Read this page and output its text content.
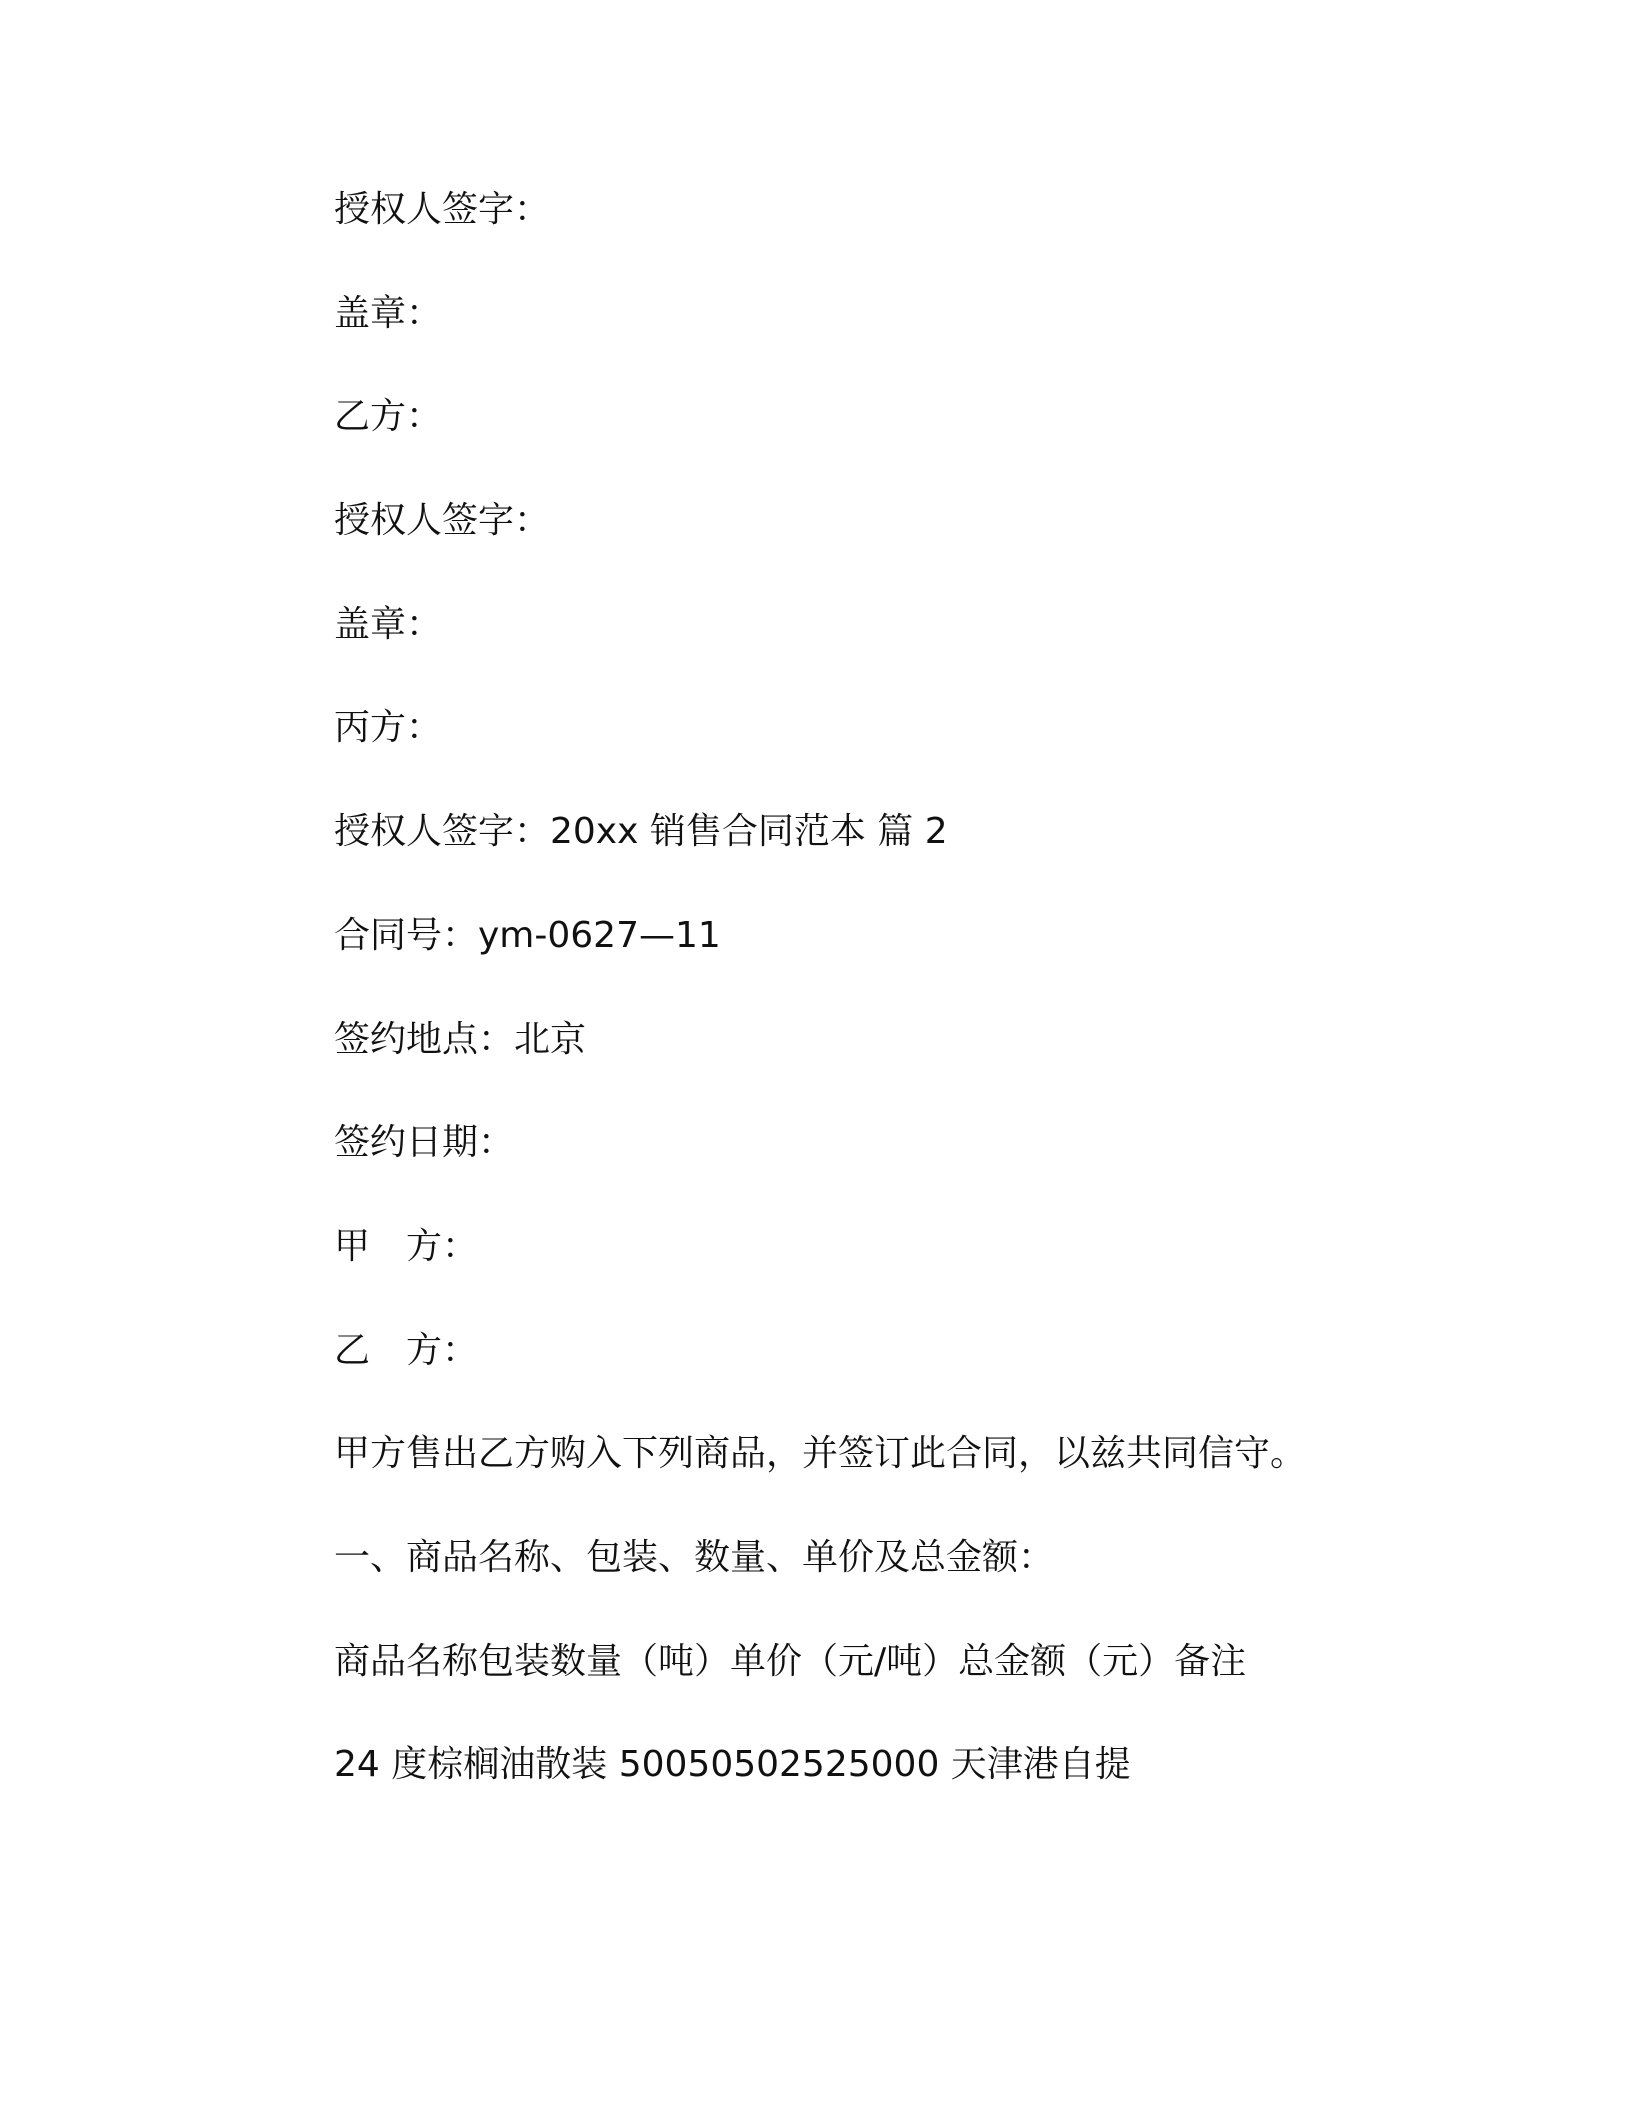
授权人签字：
盖章：
乙方：
授权人签字：
盖章：
丙方：
授权人签字：20xx 销售合同范本 篇 2
合同号：ym-0627—11
签约地点：北京
签约日期：
甲 方：
乙 方：
甲方售出乙方购入下列商品，并签订此合同，以兹共同信守。
一、商品名称、包装、数量、单价及总金额：
商品名称包装数量（吨）单价（元/吨）总金额（元）备注
24 度棕榈油散装 50050502525000 天津港自提
